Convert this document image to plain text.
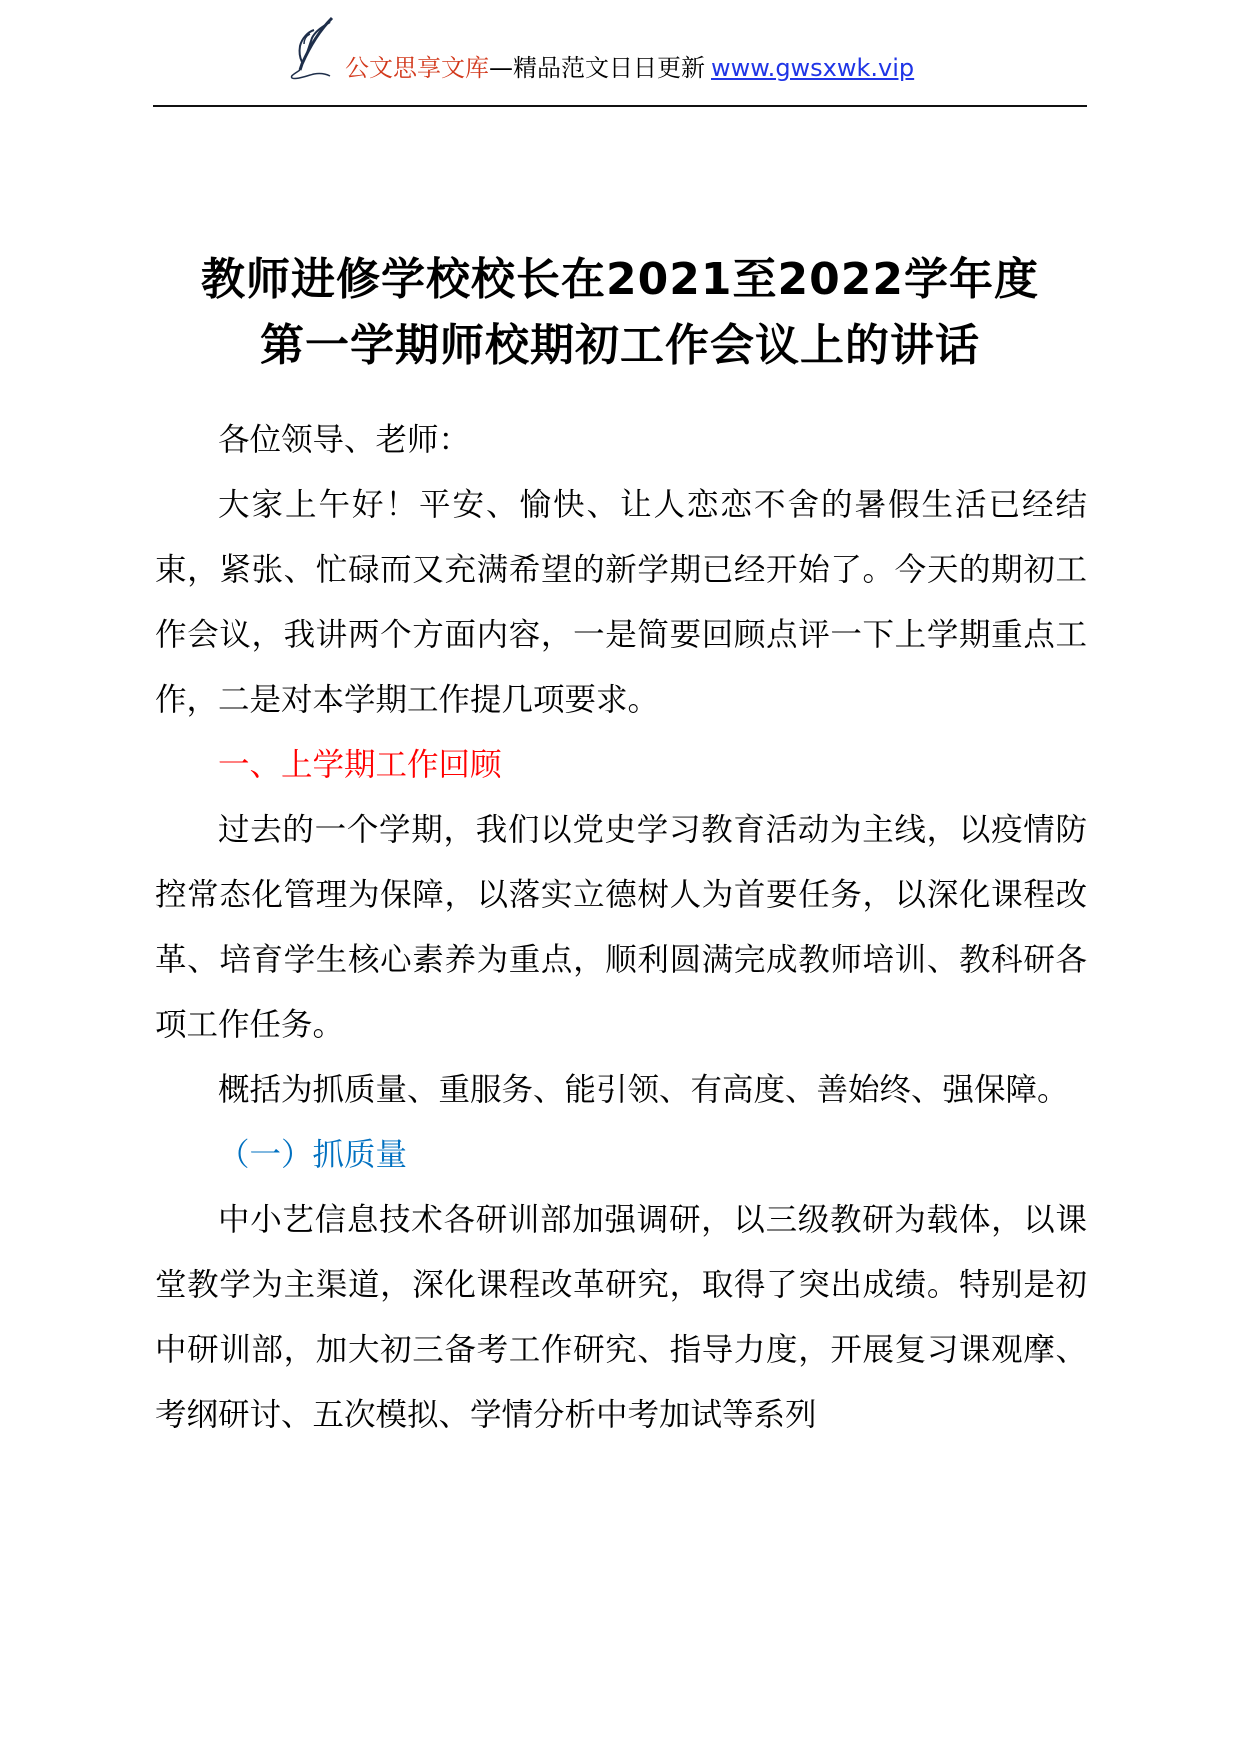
公文思享文库—精品范文日日更新 www.gwsxwk.vip
教师进修学校校长在2021至2022学年度
第一学期师校期初工作会议上的讲话

各位领导、老师：

大家上午好！平安、愉快、让人恋恋不舍的暑假生活已经结束，紧张、忙碌而又充满希望的新学期已经开始了。今天的期初工作会议，我讲两个方面内容，一是简要回顾点评一下上学期重点工作，二是对本学期工作提几项要求。

一、上学期工作回顾

过去的一个学期，我们以党史学习教育活动为主线，以疫情防控常态化管理为保障，以落实立德树人为首要任务，以深化课程改革、培育学生核心素养为重点，顺利圆满完成教师培训、教科研各项工作任务。

概括为抓质量、重服务、能引领、有高度、善始终、强保障。

（一）抓质量

中小艺信息技术各研训部加强调研，以三级教研为载体，以课堂教学为主渠道，深化课程改革研究，取得了突出成绩。特别是初中研训部，加大初三备考工作研究、指导力度，开展复习课观摩、考纲研讨、五次模拟、学情分析中考加试等系列
